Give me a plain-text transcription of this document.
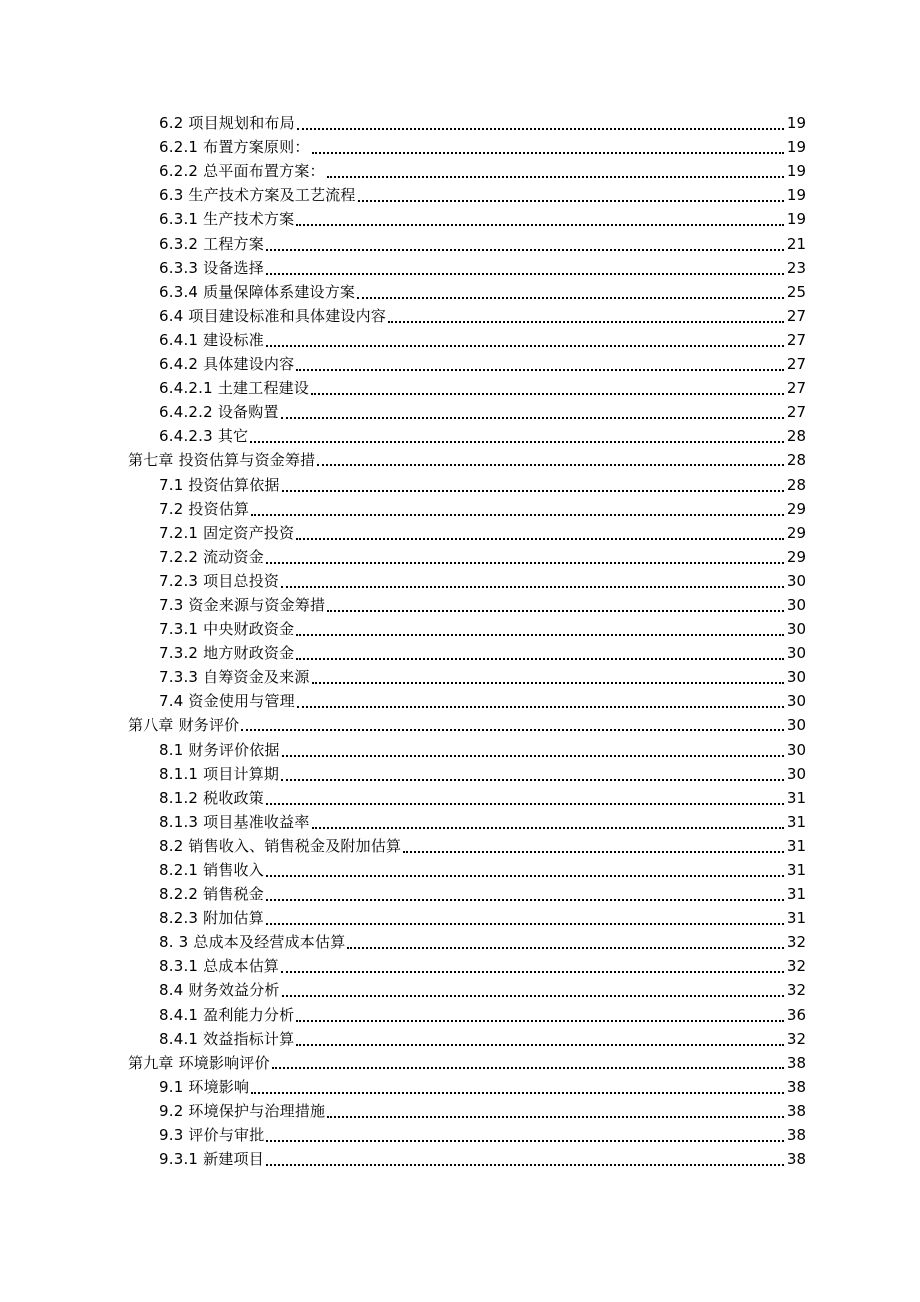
6.2 项目规划和布局	19
6.2.1 布置方案原则：	19
6.2.2 总平面布置方案：	19
6.3 生产技术方案及工艺流程	19
6.3.1 生产技术方案	19
6.3.2 工程方案	21
6.3.3 设备选择	23
6.3.4 质量保障体系建设方案	25
6.4 项目建设标准和具体建设内容	27
6.4.1 建设标准	27
6.4.2 具体建设内容	27
6.4.2.1 土建工程建设	27
6.4.2.2 设备购置	27
6.4.2.3 其它	28
第七章 投资估算与资金筹措	28
7.1 投资估算依据	28
7.2 投资估算	29
7.2.1 固定资产投资	29
7.2.2 流动资金	29
7.2.3 项目总投资	30
7.3 资金来源与资金筹措	30
7.3.1 中央财政资金	30
7.3.2 地方财政资金	30
7.3.3 自筹资金及来源	30
7.4 资金使用与管理	30
第八章 财务评价	30
8.1 财务评价依据	30
8.1.1 项目计算期	30
8.1.2 税收政策	31
8.1.3 项目基准收益率	31
8.2 销售收入、销售税金及附加估算	31
8.2.1 销售收入	31
8.2.2 销售税金	31
8.2.3 附加估算	31
8. 3 总成本及经营成本估算	32
8.3.1 总成本估算	32
8.4 财务效益分析	32
8.4.1 盈利能力分析	36
8.4.1 效益指标计算	32
第九章 环境影响评价	38
9.1 环境影响	38
9.2 环境保护与治理措施	38
9.3 评价与审批	38
9.3.1 新建项目	38
